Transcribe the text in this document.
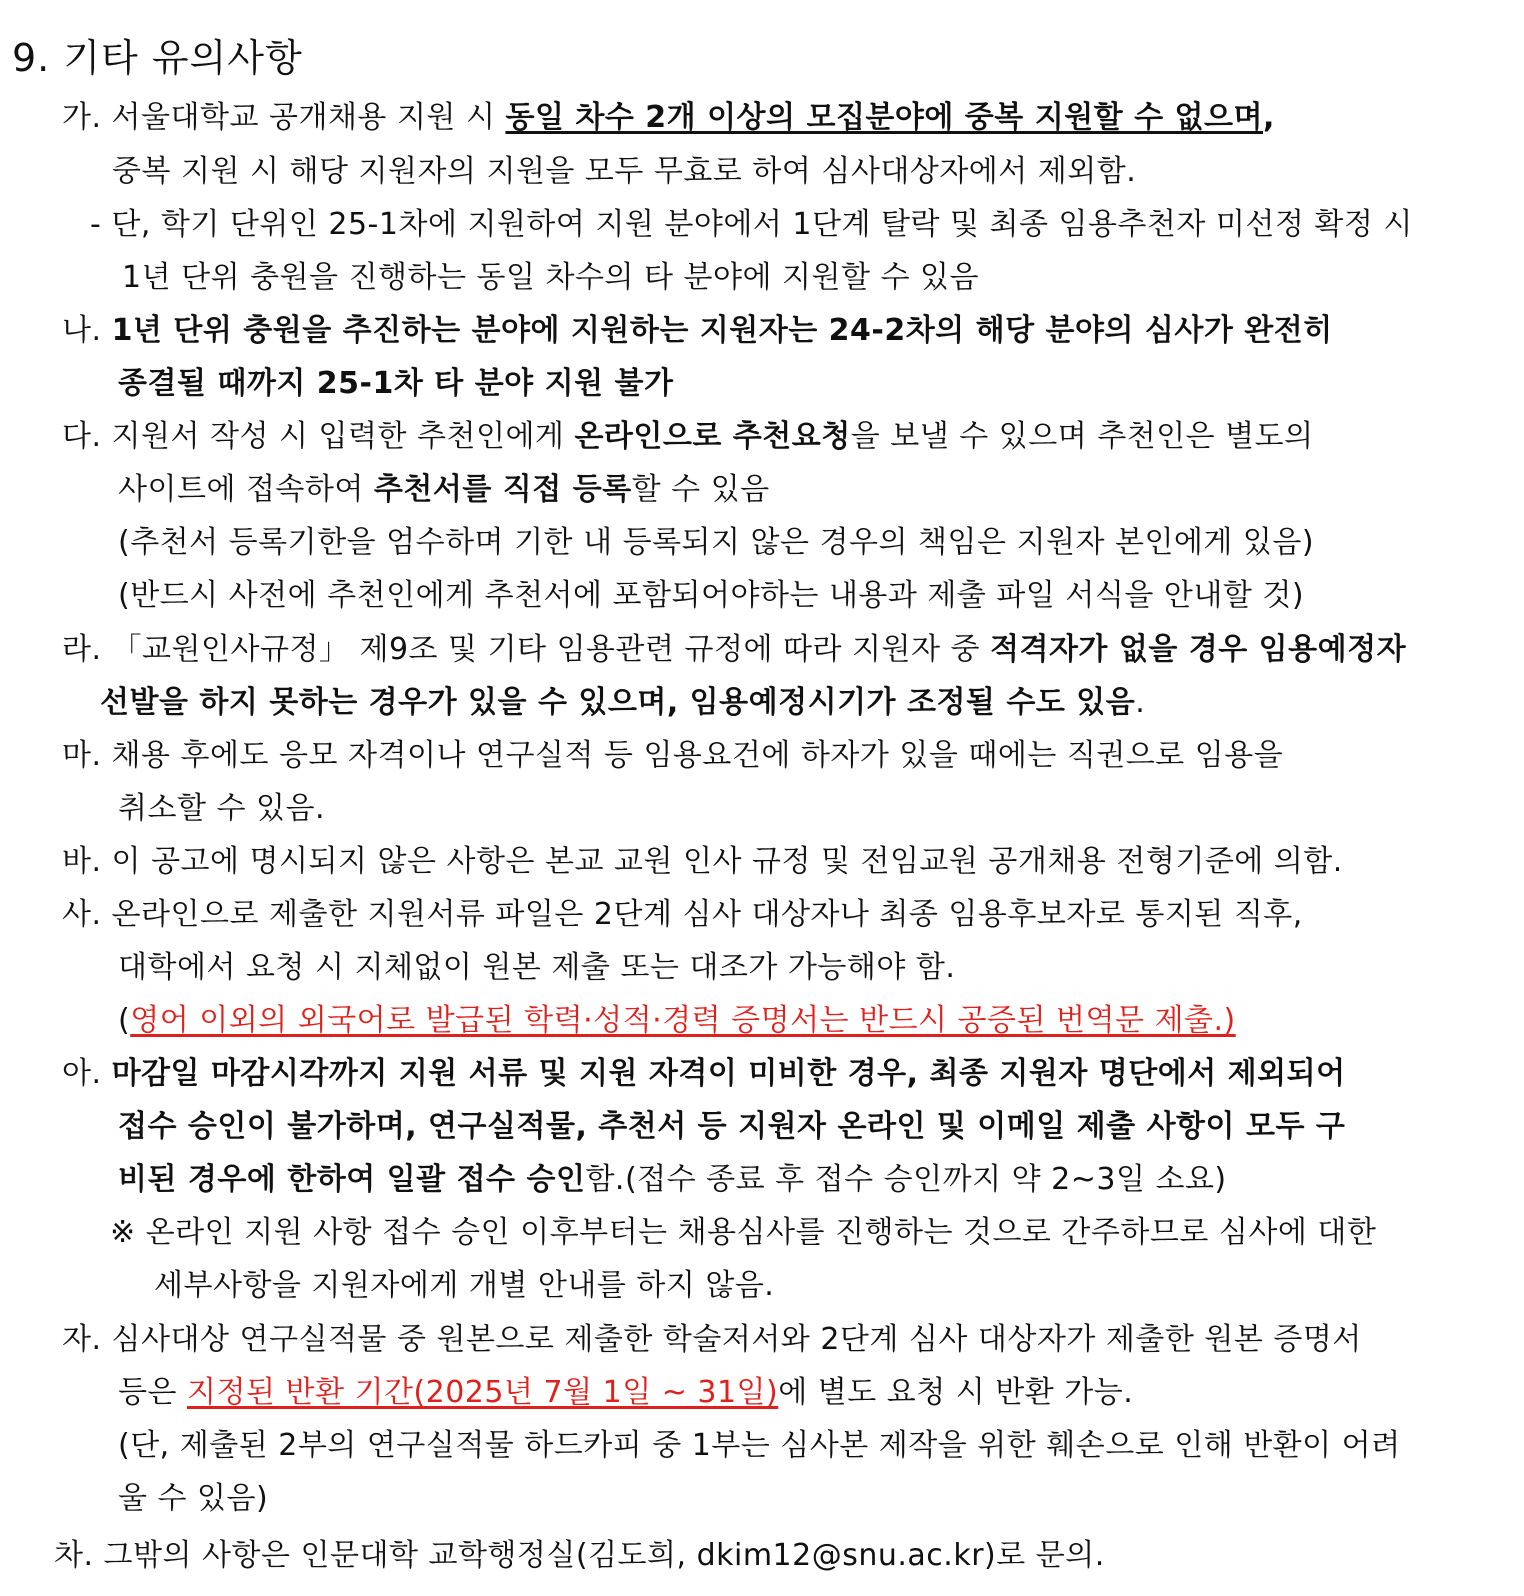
9. 기타 유의사항
가. 서울대학교 공개채용 지원 시 동일 차수 2개 이상의 모집분야에 중복 지원할 수 없으며,
중복 지원 시 해당 지원자의 지원을 모두 무효로 하여 심사대상자에서 제외함.
- 단, 학기 단위인 25-1차에 지원하여 지원 분야에서 1단계 탈락 및 최종 임용추천자 미선정 확정 시
1년 단위 충원을 진행하는 동일 차수의 타 분야에 지원할 수 있음
나. 1년 단위 충원을 추진하는 분야에 지원하는 지원자는 24-2차의 해당 분야의 심사가 완전히
종결될 때까지 25-1차 타 분야 지원 불가
다. 지원서 작성 시 입력한 추천인에게 온라인으로 추천요청을 보낼 수 있으며 추천인은 별도의
사이트에 접속하여 추천서를 직접 등록할 수 있음
(추천서 등록기한을 엄수하며 기한 내 등록되지 않은 경우의 책임은 지원자 본인에게 있음)
(반드시 사전에 추천인에게 추천서에 포함되어야하는 내용과 제출 파일 서식을 안내할 것)
라. 「교원인사규정」 제9조 및 기타 임용관련 규정에 따라 지원자 중 적격자가 없을 경우 임용예정자
선발을 하지 못하는 경우가 있을 수 있으며, 임용예정시기가 조정될 수도 있음.
마. 채용 후에도 응모 자격이나 연구실적 등 임용요건에 하자가 있을 때에는 직권으로 임용을
취소할 수 있음.
바. 이 공고에 명시되지 않은 사항은 본교 교원 인사 규정 및 전임교원 공개채용 전형기준에 의함.
사. 온라인으로 제출한 지원서류 파일은 2단계 심사 대상자나 최종 임용후보자로 통지된 직후,
대학에서 요청 시 지체없이 원본 제출 또는 대조가 가능해야 함.
(영어 이외의 외국어로 발급된 학력·성적·경력 증명서는 반드시 공증된 번역문 제출.)
아. 마감일 마감시각까지 지원 서류 및 지원 자격이 미비한 경우, 최종 지원자 명단에서 제외되어
접수 승인이 불가하며, 연구실적물, 추천서 등 지원자 온라인 및 이메일 제출 사항이 모두 구
비된 경우에 한하여 일괄 접수 승인함.(접수 종료 후 접수 승인까지 약 2~3일 소요)
※ 온라인 지원 사항 접수 승인 이후부터는 채용심사를 진행하는 것으로 간주하므로 심사에 대한
세부사항을 지원자에게 개별 안내를 하지 않음.
자. 심사대상 연구실적물 중 원본으로 제출한 학술저서와 2단계 심사 대상자가 제출한 원본 증명서
등은 지정된 반환 기간(2025년 7월 1일 ~ 31일)에 별도 요청 시 반환 가능.
(단, 제출된 2부의 연구실적물 하드카피 중 1부는 심사본 제작을 위한 훼손으로 인해 반환이 어려
울 수 있음)
차. 그밖의 사항은 인문대학 교학행정실(김도희, dkim12@snu.ac.kr)로 문의.
